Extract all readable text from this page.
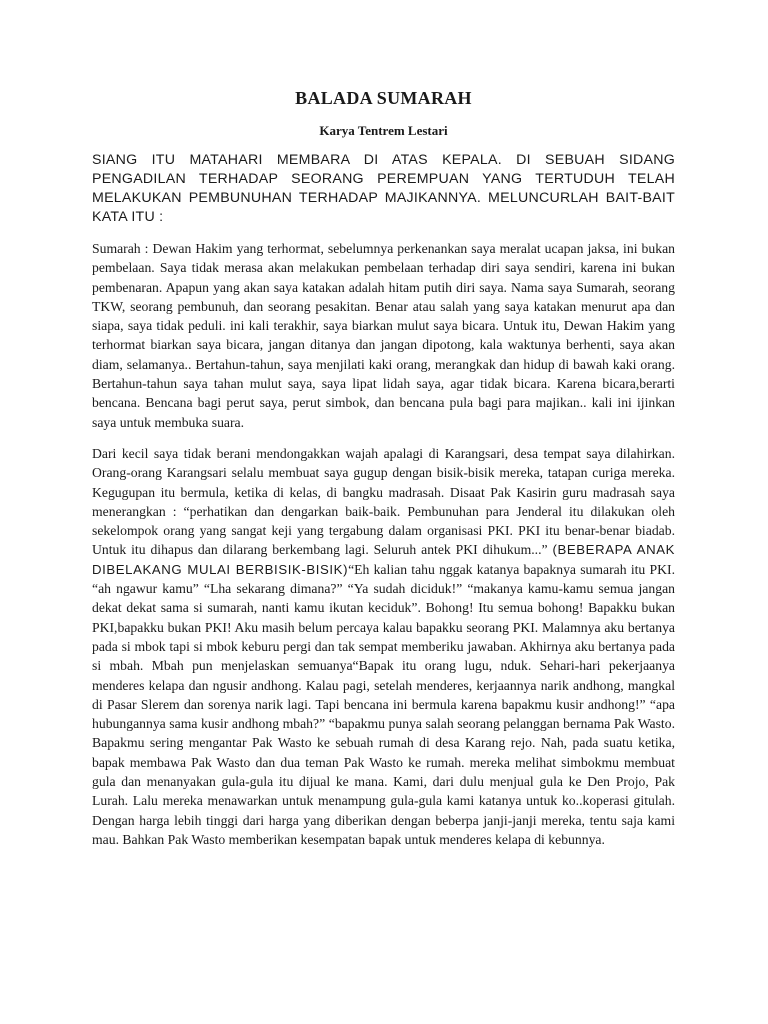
BALADA SUMARAH
Karya Tentrem Lestari

SIANG ITU MATAHARI MEMBARA DI ATAS KEPALA. DI SEBUAH SIDANG PENGADILAN TERHADAP SEORANG PEREMPUAN YANG TERTUDUH TELAH MELAKUKAN PEMBUNUHAN TERHADAP MAJIKANNYA. MELUNCURLAH BAIT-BAIT KATA ITU :

Sumarah : Dewan Hakim yang terhormat, sebelumnya perkenankan saya meralat ucapan jaksa, ini bukan pembelaan. Saya tidak merasa akan melakukan pembelaan terhadap diri saya sendiri, karena ini bukan pembenaran. Apapun yang akan saya katakan adalah hitam putih diri saya. Nama saya Sumarah, seorang TKW, seorang pembunuh, dan seorang pesakitan. Benar atau salah yang saya katakan menurut apa dan siapa, saya tidak peduli. ini kali terakhir, saya biarkan mulut saya bicara. Untuk itu, Dewan Hakim yang terhormat biarkan saya bicara, jangan ditanya dan jangan dipotong, kala waktunya berhenti, saya akan diam, selamanya.. Bertahun-tahun, saya menjilati kaki orang, merangkak dan hidup di bawah kaki orang. Bertahun-tahun saya tahan mulut saya, saya lipat lidah saya, agar tidak bicara. Karena bicara,berarti bencana. Bencana bagi perut saya, perut simbok, dan bencana pula bagi para majikan.. kali ini ijinkan saya untuk membuka suara.

Dari kecil saya tidak berani mendongakkan wajah apalagi di Karangsari, desa tempat saya dilahirkan. Orang-orang Karangsari selalu membuat saya gugup dengan bisik-bisik mereka, tatapan curiga mereka. Kegugupan itu bermula, ketika di kelas, di bangku madrasah. Disaat Pak Kasirin guru madrasah saya menerangkan : “perhatikan dan dengarkan baik-baik. Pembunuhan para Jenderal itu dilakukan oleh sekelompok orang yang sangat keji yang tergabung dalam organisasi PKI. PKI itu benar-benar biadab. Untuk itu dihapus dan dilarang berkembang lagi. Seluruh antek PKI dihukum...” (BEBERAPA ANAK DIBELAKANG MULAI BERBISIK-BISIK)“Eh kalian tahu nggak katanya bapaknya sumarah itu PKI. “ah ngawur kamu” “Lha sekarang dimana?” “Ya sudah diciduk!” “makanya kamu-kamu semua jangan dekat dekat sama si sumarah, nanti kamu ikutan keciduk”. Bohong! Itu semua bohong! Bapakku bukan PKI,bapakku bukan PKI! Aku masih belum percaya kalau bapakku seorang PKI. Malamnya aku bertanya pada si mbok tapi si mbok keburu pergi dan tak sempat memberiku jawaban. Akhirnya aku bertanya pada si mbah. Mbah pun menjelaskan semuanya“Bapak itu orang lugu, nduk. Sehari-hari pekerjaanya menderes kelapa dan ngusir andhong. Kalau pagi, setelah menderes, kerjaannya narik andhong, mangkal di Pasar Slerem dan sorenya narik lagi. Tapi bencana ini bermula karena bapakmu kusir andhong!” “apa hubungannya sama kusir andhong mbah?” “bapakmu punya salah seorang pelanggan bernama Pak Wasto. Bapakmu sering mengantar Pak Wasto ke sebuah rumah di desa Karang rejo. Nah, pada suatu ketika, bapak membawa Pak Wasto dan dua teman Pak Wasto ke rumah. mereka melihat simbokmu membuat gula dan menanyakan gula-gula itu dijual ke mana. Kami, dari dulu menjual gula ke Den Projo, Pak Lurah. Lalu mereka menawarkan untuk menampung gula-gula kami katanya untuk ko..koperasi gitulah. Dengan harga lebih tinggi dari harga yang diberikan dengan beberpa janji-janji mereka, tentu saja kami mau. Bahkan Pak Wasto memberikan kesempatan bapak untuk menderes kelapa di kebunnya.
